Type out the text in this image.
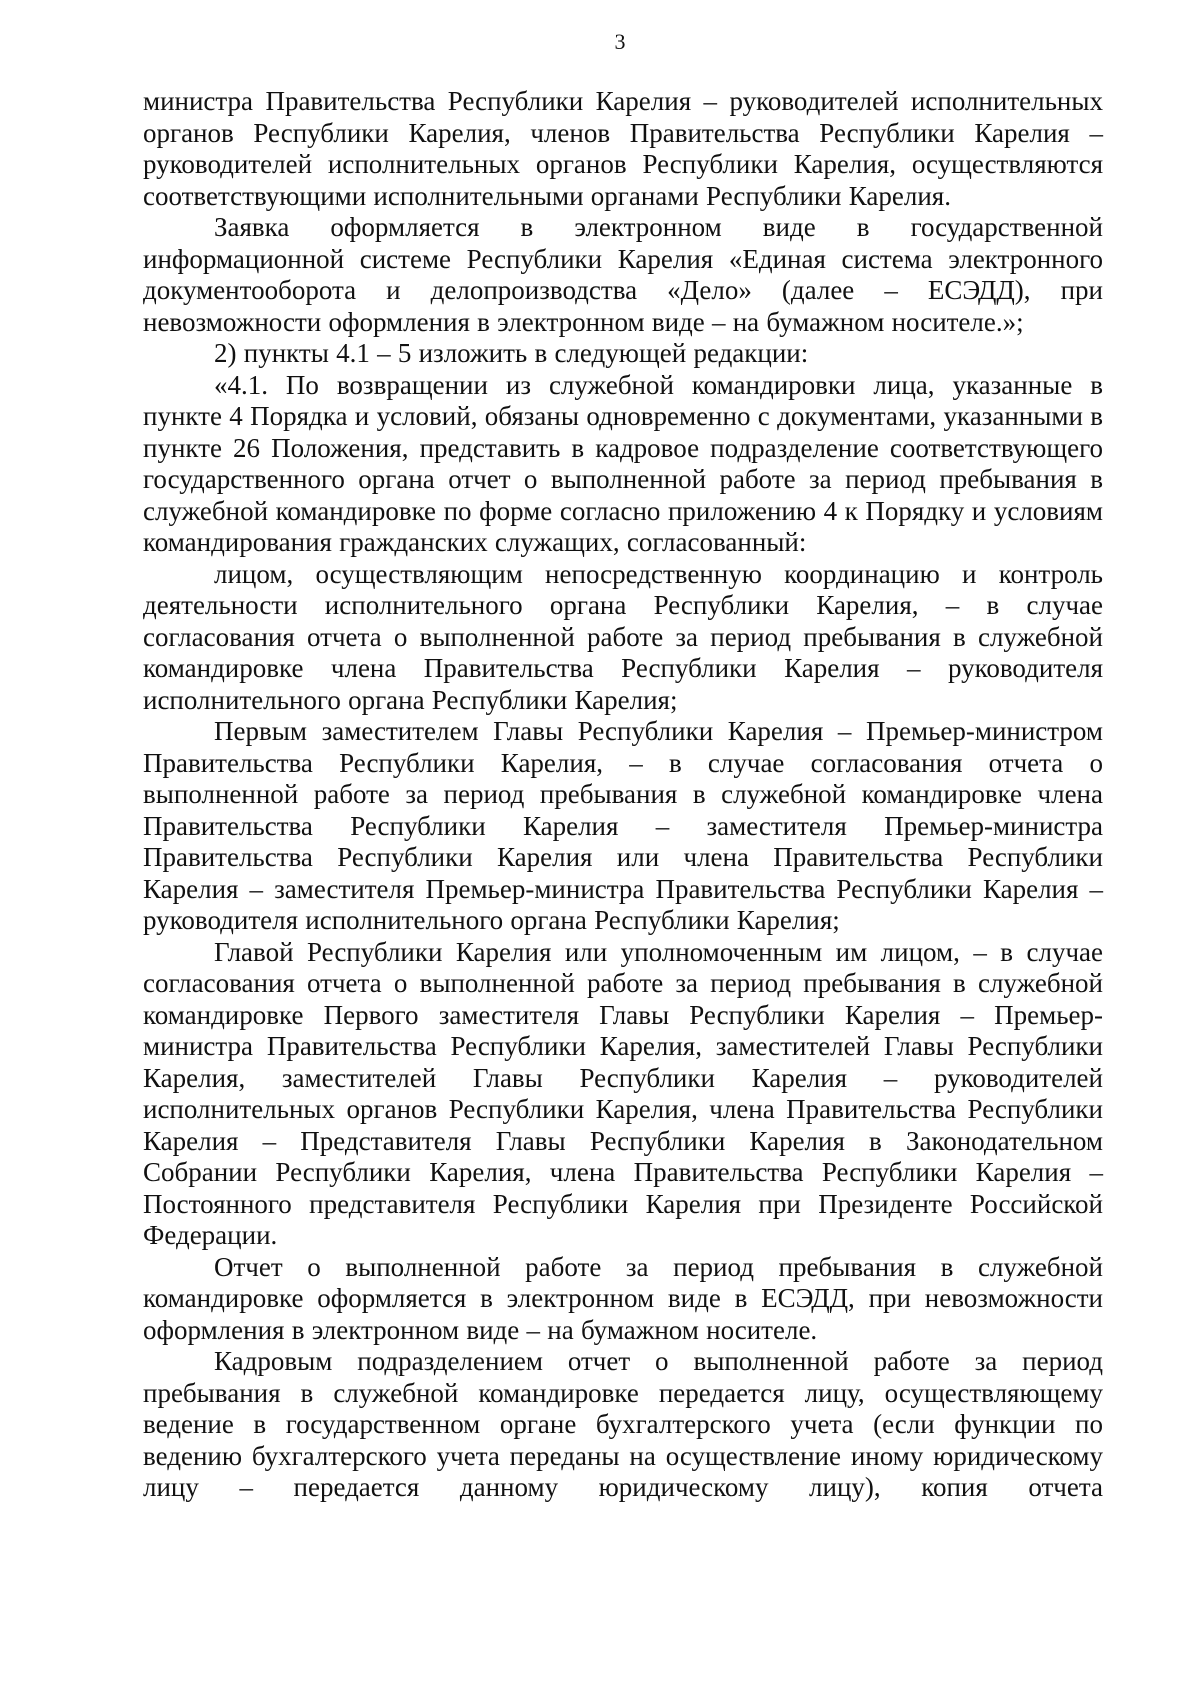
3

министра Правительства Республики Карелия – руководителей исполнительных органов Республики Карелия, членов Правительства Республики Карелия – руководителей исполнительных органов Республики Карелия, осуществляются соответствующими исполнительными органами Республики Карелия.

Заявка оформляется в электронном виде в государственной информационной системе Республики Карелия «Единая система электронного документооборота и делопроизводства «Дело» (далее – ЕСЭДД), при невозможности оформления в электронном виде – на бумажном носителе.»;

2) пункты 4.1 – 5 изложить в следующей редакции:

«4.1. По возвращении из служебной командировки лица, указанные в пункте 4 Порядка и условий, обязаны одновременно с документами, указанными в пункте 26 Положения, представить в кадровое подразделение соответствующего государственного органа отчет о выполненной работе за период пребывания в служебной командировке по форме согласно приложению 4 к Порядку и условиям командирования гражданских служащих, согласованный:

лицом, осуществляющим непосредственную координацию и контроль деятельности исполнительного органа Республики Карелия, – в случае согласования отчета о выполненной работе за период пребывания в служебной командировке члена Правительства Республики Карелия – руководителя исполнительного органа Республики Карелия;

Первым заместителем Главы Республики Карелия – Премьер-министром Правительства Республики Карелия, – в случае согласования отчета о выполненной работе за период пребывания в служебной командировке члена Правительства Республики Карелия – заместителя Премьер-министра Правительства Республики Карелия или члена Правительства Республики Карелия – заместителя Премьер-министра Правительства Республики Карелия – руководителя исполнительного органа Республики Карелия;

Главой Республики Карелия или уполномоченным им лицом, – в случае согласования отчета о выполненной работе за период пребывания в служебной командировке Первого заместителя Главы Республики Карелия – Премьер-министра Правительства Республики Карелия, заместителей Главы Республики Карелия, заместителей Главы Республики Карелия – руководителей исполнительных органов Республики Карелия, члена Правительства Республики Карелия – Представителя Главы Республики Карелия в Законодательном Собрании Республики Карелия, члена Правительства Республики Карелия – Постоянного представителя Республики Карелия при Президенте Российской Федерации.

Отчет о выполненной работе за период пребывания в служебной командировке оформляется в электронном виде в ЕСЭДД, при невозможности оформления в электронном виде – на бумажном носителе.

Кадровым подразделением отчет о выполненной работе за период пребывания в служебной командировке передается лицу, осуществляющему ведение в государственном органе бухгалтерского учета (если функции по ведению бухгалтерского учета переданы на осуществление иному юридическому лицу – передается данному юридическому лицу), копия отчета
